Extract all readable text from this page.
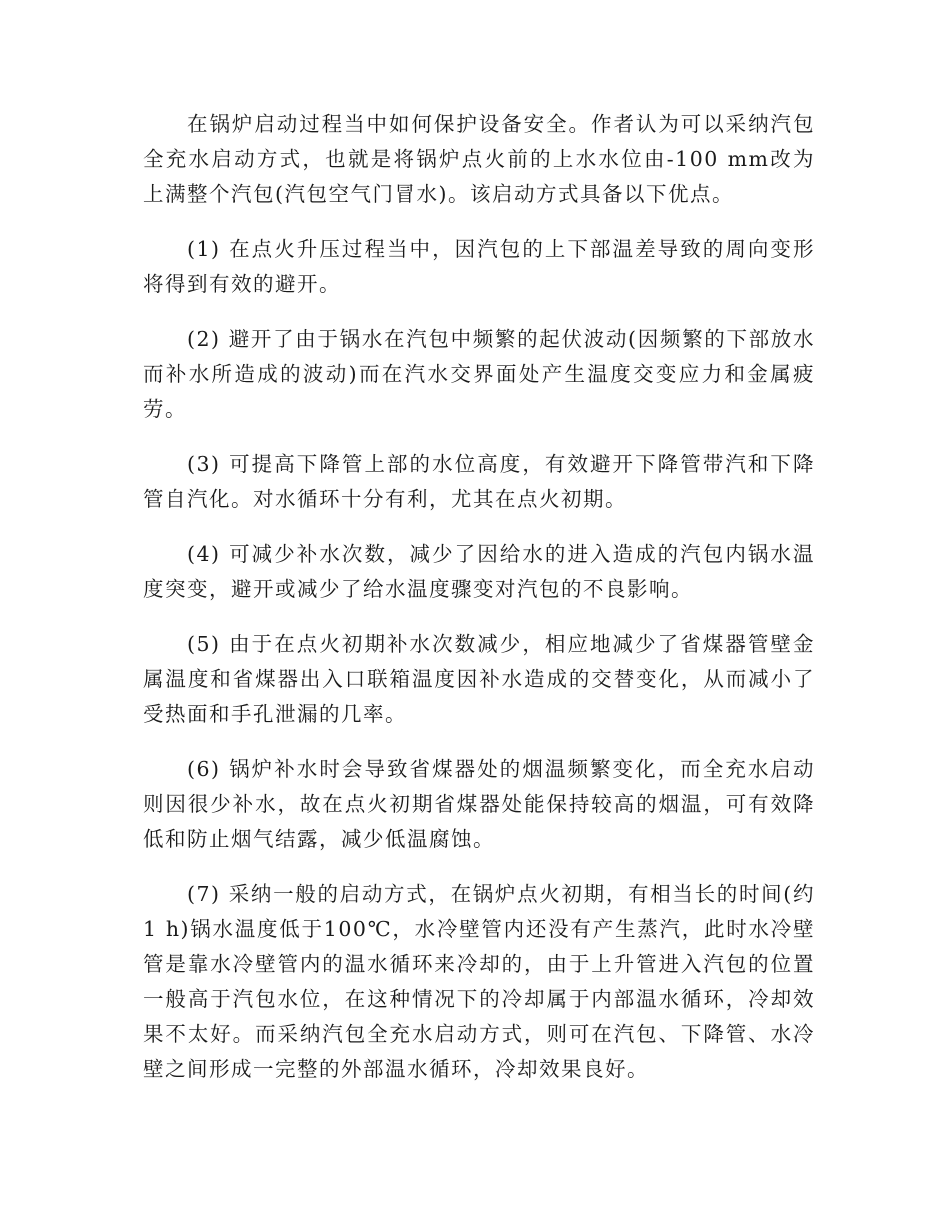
在锅炉启动过程当中如何保护设备安全。作者认为可以采纳汽包全充水启动方式，也就是将锅炉点火前的上水水位由-100 mm改为上满整个汽包(汽包空气门冒水)。该启动方式具备以下优点。

(1) 在点火升压过程当中，因汽包的上下部温差导致的周向变形将得到有效的避开。

(2) 避开了由于锅水在汽包中频繁的起伏波动(因频繁的下部放水而补水所造成的波动)而在汽水交界面处产生温度交变应力和金属疲劳。

(3) 可提高下降管上部的水位高度，有效避开下降管带汽和下降管自汽化。对水循环十分有利，尤其在点火初期。

(4) 可减少补水次数，减少了因给水的进入造成的汽包内锅水温度突变，避开或减少了给水温度骤变对汽包的不良影响。

(5) 由于在点火初期补水次数减少，相应地减少了省煤器管壁金属温度和省煤器出入口联箱温度因补水造成的交替变化，从而减小了受热面和手孔泄漏的几率。

(6) 锅炉补水时会导致省煤器处的烟温频繁变化，而全充水启动则因很少补水，故在点火初期省煤器处能保持较高的烟温，可有效降低和防止烟气结露，减少低温腐蚀。

(7) 采纳一般的启动方式，在锅炉点火初期，有相当长的时间(约1 h)锅水温度低于100℃，水冷壁管内还没有产生蒸汽，此时水冷壁管是靠水冷壁管内的温水循环来冷却的，由于上升管进入汽包的位置一般高于汽包水位，在这种情况下的冷却属于内部温水循环，冷却效果不太好。而采纳汽包全充水启动方式，则可在汽包、下降管、水冷壁之间形成一完整的外部温水循环，冷却效果良好。
